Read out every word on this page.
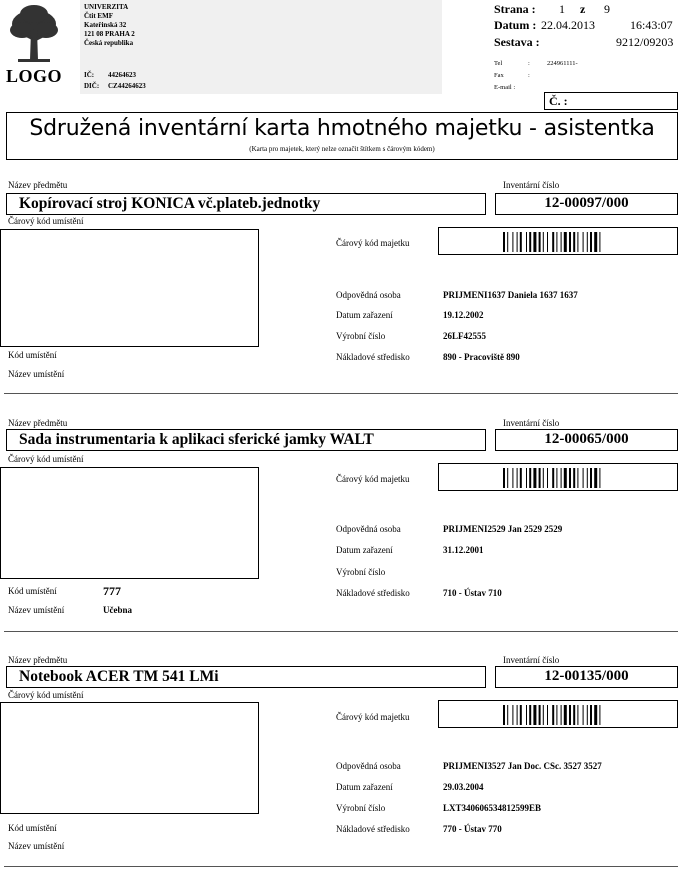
LOGO
UNIVERZITA
Čtit EMF
Kateřinská 32
121 08 PRAHA 2
Česká republika
IČ: 44264623
DIČ: CZ44264623
Strana : 1 z 9
Datum : 22.04.2013	16:43:07
Sestava :	9212/09203
Tel	:	224961111-
Fax	:
E-mail :
Č. :
Sdružená inventární karta hmotného majetku - asistentka
(Karta pro majetek, který nelze označit štítkem s čárovým kódem)
Název předmětu
Kopírovací stroj KONICA vč.plateb.jednotky
Inventární číslo
12-00097/000
Čárový kód umístění
Čárový kód majetku
Odpovědná osoba	PRIJMENI1637 Daniela 1637 1637
Datum zařazení	19.12.2002
Výrobní číslo	26LF42555
Nákladové středisko	890 - Pracoviště 890
Kód umístění
Název umístění
Název předmětu
Sada instrumentaria k aplikaci sferické jamky WALT
Inventární číslo
12-00065/000
Čárový kód umístění
Čárový kód majetku
Odpovědná osoba	PRIJMENI2529 Jan 2529 2529
Datum zařazení	31.12.2001
Výrobní číslo
Nákladové středisko	710 - Ústav 710
Kód umístění	777
Název umístění	Učebna
Název předmětu
Notebook ACER TM 541 LMi
Inventární číslo
12-00135/000
Čárový kód umístění
Čárový kód majetku
Odpovědná osoba	PRIJMENI3527 Jan Doc. CSc. 3527 3527
Datum zařazení	29.03.2004
Výrobní číslo	LXT340606534812599EB
Nákladové středisko	770 - Ústav 770
Kód umístění
Název umístění
